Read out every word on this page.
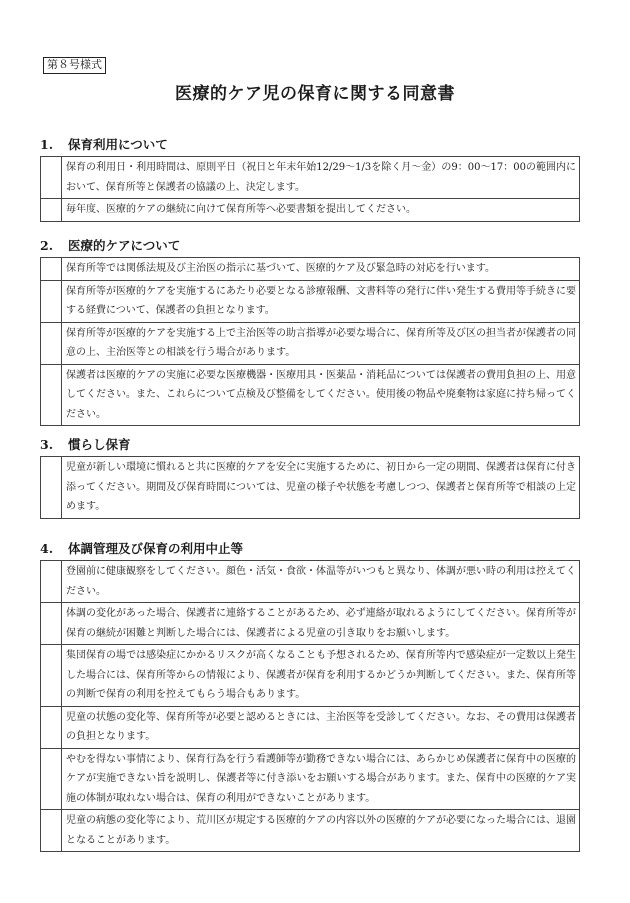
第８号様式
医療的ケア児の保育に関する同意書
1.	保育利用について
保育の利用日・利用時間は、原則平日（祝日と年末年始12/29～1/3を除く月～金）の9：00～17：00の範囲内において、保育所等と保護者の協議の上、決定します。
毎年度、医療的ケアの継続に向けて保育所等へ必要書類を提出してください。
2.	医療的ケアについて
保育所等では関係法規及び主治医の指示に基づいて、医療的ケア及び緊急時の対応を行います。
保育所等が医療的ケアを実施するにあたり必要となる診療報酬、文書料等の発行に伴い発生する費用等手続きに要する経費について、保護者の負担となります。
保育所等が医療的ケアを実施する上で主治医等の助言指導が必要な場合に、保育所等及び区の担当者が保護者の同意の上、主治医等との相談を行う場合があります。
保護者は医療的ケアの実施に必要な医療機器・医療用具・医薬品・消耗品については保護者の費用負担の上、用意してください。また、これらについて点検及び整備をしてください。使用後の物品や廃棄物は家庭に持ち帰ってください。
3.	慣らし保育
児童が新しい環境に慣れると共に医療的ケアを安全に実施するために、初日から一定の期間、保護者は保育に付き添ってください。期間及び保育時間については、児童の様子や状態を考慮しつつ、保護者と保育所等で相談の上定めます。
4.	体調管理及び保育の利用中止等
登園前に健康観察をしてください。顔色・活気・食欲・体温等がいつもと異なり、体調が悪い時の利用は控えてください。
体調の変化があった場合、保護者に連絡することがあるため、必ず連絡が取れるようにしてください。保育所等が保育の継続が困難と判断した場合には、保護者による児童の引き取りをお願いします。
集団保育の場では感染症にかかるリスクが高くなることも予想されるため、保育所等内で感染症が一定数以上発生した場合には、保育所等からの情報により、保護者が保育を利用するかどうか判断してください。また、保育所等の判断で保育の利用を控えてもらう場合もあります。
児童の状態の変化等、保育所等が必要と認めるときには、主治医等を受診してください。なお、その費用は保護者の負担となります。
やむを得ない事情により、保育行為を行う看護師等が勤務できない場合には、あらかじめ保護者に保育中の医療的ケアが実施できない旨を説明し、保護者等に付き添いをお願いする場合があります。また、保育中の医療的ケア実施の体制が取れない場合は、保育の利用ができないことがあります。
児童の病態の変化等により、荒川区が規定する医療的ケアの内容以外の医療的ケアが必要になった場合には、退園となることがあります。
